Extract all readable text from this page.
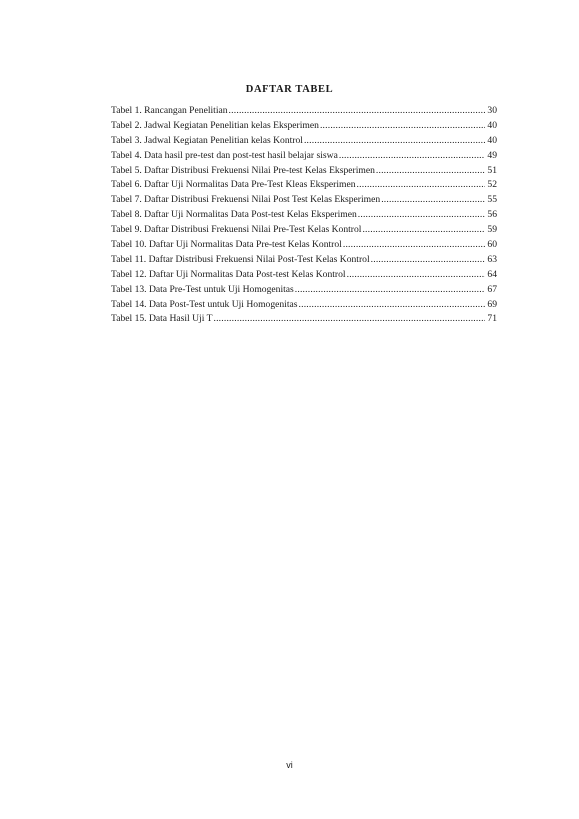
DAFTAR TABEL
Tabel 1. Rancangan Penelitian .....	30
Tabel 2. Jadwal Kegiatan Penelitian kelas Eksperimen .....	40
Tabel 3. Jadwal Kegiatan Penelitian kelas Kontrol .....	40
Tabel 4. Data hasil pre-test dan post-test hasil belajar siswa .....	49
Tabel 5. Daftar Distribusi Frekuensi Nilai Pre-test Kelas Eksperimen .....	51
Tabel 6. Daftar Uji Normalitas Data Pre-Test Kleas Eksperimen .....	52
Tabel 7. Daftar Distribusi Frekuensi Nilai Post Test Kelas Eksperimen .....	55
Tabel 8. Daftar Uji Normalitas Data Post-test Kelas Eksperimen .....	56
Tabel 9. Daftar Distribusi Frekuensi Nilai Pre-Test Kelas Kontrol .....	59
Tabel 10. Daftar Uji Normalitas Data Pre-test Kelas Kontrol .....	60
Tabel 11. Daftar Distribusi Frekuensi Nilai Post-Test Kelas Kontrol .....	63
Tabel 12. Daftar Uji Normalitas Data Post-test Kelas Kontrol .....	64
Tabel 13. Data Pre-Test untuk Uji Homogenitas .....	67
Tabel 14. Data Post-Test untuk Uji Homogenitas .....	69
Tabel 15. Data Hasil Uji T .....	71
vi
